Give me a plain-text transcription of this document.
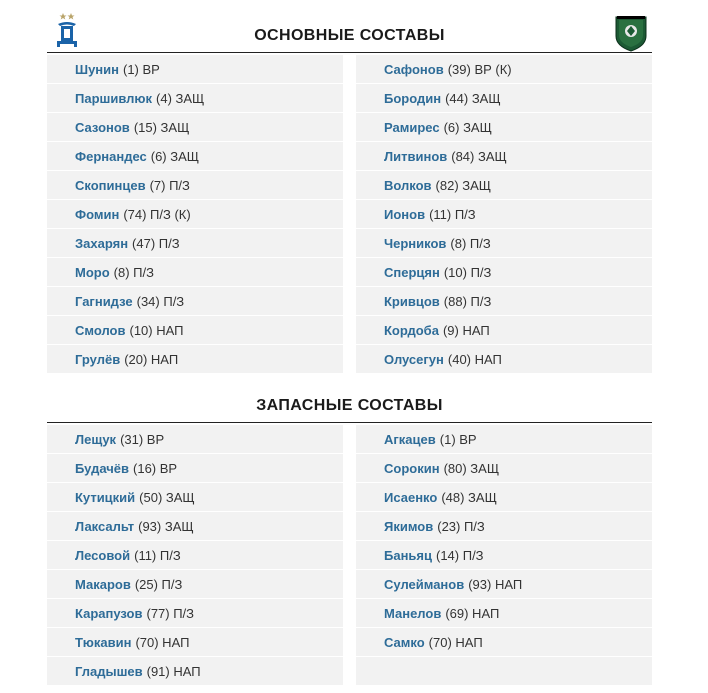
ОСНОВНЫЕ СОСТАВЫ
Шунин (1) ВР
Паршивлюк (4) ЗАЩ
Сазонов (15) ЗАЩ
Фернандес (6) ЗАЩ
Скопинцев (7) П/З
Фомин (74) П/З (К)
Захарян (47) П/З
Моро (8) П/З
Гагнидзе (34) П/З
Смолов (10) НАП
Грулёв (20) НАП
Сафонов (39) ВР (К)
Бородин (44) ЗАЩ
Рамирес (6) ЗАЩ
Литвинов (84) ЗАЩ
Волков (82) ЗАЩ
Ионов (11) П/З
Черников (8) П/З
Сперцян (10) П/З
Кривцов (88) П/З
Кордоба (9) НАП
Олусегун (40) НАП
ЗАПАСНЫЕ СОСТАВЫ
Лещук (31) ВР
Будачёв (16) ВР
Кутицкий (50) ЗАЩ
Лаксальт (93) ЗАЩ
Лесовой (11) П/З
Макаров (25) П/З
Карапузов (77) П/З
Тюкавин (70) НАП
Гладышев (91) НАП
Агкацев (1) ВР
Сорокин (80) ЗАЩ
Исаенко (48) ЗАЩ
Якимов (23) П/З
Баньяц (14) П/З
Сулейманов (93) НАП
Манелов (69) НАП
Самко (70) НАП
